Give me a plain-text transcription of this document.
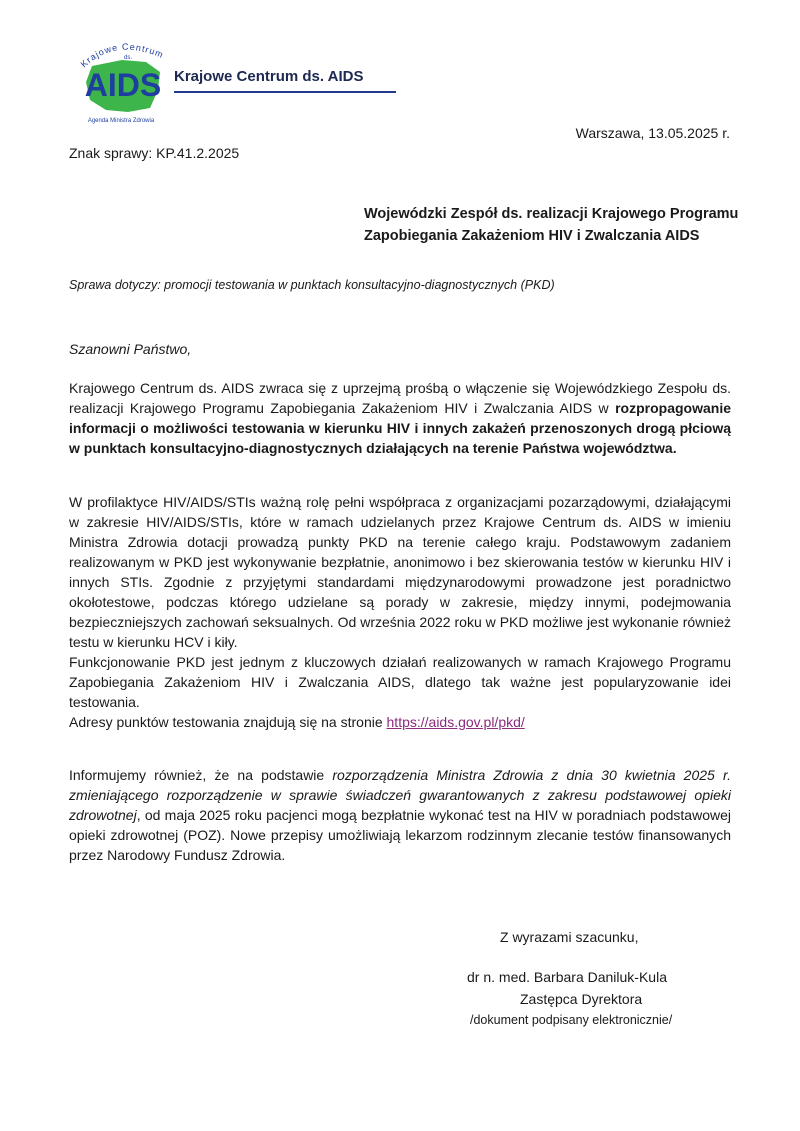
Krajowe Centrum
ds.
AIDS
Agenda Ministra Zdrowia
Krajowe Centrum ds. AIDS
Warszawa, 13.05.2025 r.
Znak sprawy: KP.41.2.2025
Wojewódzki Zespół ds. realizacji Krajowego Programu
Zapobiegania Zakażeniom HIV i Zwalczania AIDS
Sprawa dotyczy: promocji testowania w punktach konsultacyjno-diagnostycznych (PKD)
Szanowni Państwo,

Krajowego Centrum ds. AIDS zwraca się z uprzejmą prośbą o włączenie się Wojewódzkiego Zespołu ds. realizacji Krajowego Programu Zapobiegania Zakażeniom HIV i Zwalczania AIDS w rozpropagowanie informacji o możliwości testowania w kierunku HIV i innych zakażeń przenoszonych drogą płciową w punktach konsultacyjno-diagnostycznych działających na terenie Państwa województwa.

W profilaktyce HIV/AIDS/STIs ważną rolę pełni współpraca z organizacjami pozarządowymi, działającymi w zakresie HIV/AIDS/STIs, które w ramach udzielanych przez Krajowe Centrum ds. AIDS w imieniu Ministra Zdrowia dotacji prowadzą punkty PKD na terenie całego kraju. Podstawowym zadaniem realizowanym w PKD jest wykonywanie bezpłatnie, anonimowo i bez skierowania testów w kierunku HIV i innych STIs. Zgodnie z przyjętymi standardami międzynarodowymi prowadzone jest poradnictwo okołotestowe, podczas którego udzielane są porady w zakresie, między innymi, podejmowania bezpieczniejszych zachowań seksualnych. Od września 2022 roku w PKD możliwe jest wykonanie również testu w kierunku HCV i kiły.
Funkcjonowanie PKD jest jednym z kluczowych działań realizowanych w ramach Krajowego Programu Zapobiegania Zakażeniom HIV i Zwalczania AIDS, dlatego tak ważne jest popularyzowanie idei testowania.
Adresy punktów testowania znajdują się na stronie https://aids.gov.pl/pkd/

Informujemy również, że na podstawie rozporządzenia Ministra Zdrowia z dnia 30 kwietnia 2025 r. zmieniającego rozporządzenie w sprawie świadczeń gwarantowanych z zakresu podstawowej opieki zdrowotnej, od maja 2025 roku pacjenci mogą bezpłatnie wykonać test na HIV w poradniach podstawowej opieki zdrowotnej (POZ). Nowe przepisy umożliwiają lekarzom rodzinnym zlecanie testów finansowanych przez Narodowy Fundusz Zdrowia.

Z wyrazami szacunku,
dr n. med. Barbara Daniluk-Kula
Zastępca Dyrektora
/dokument podpisany elektronicznie/
